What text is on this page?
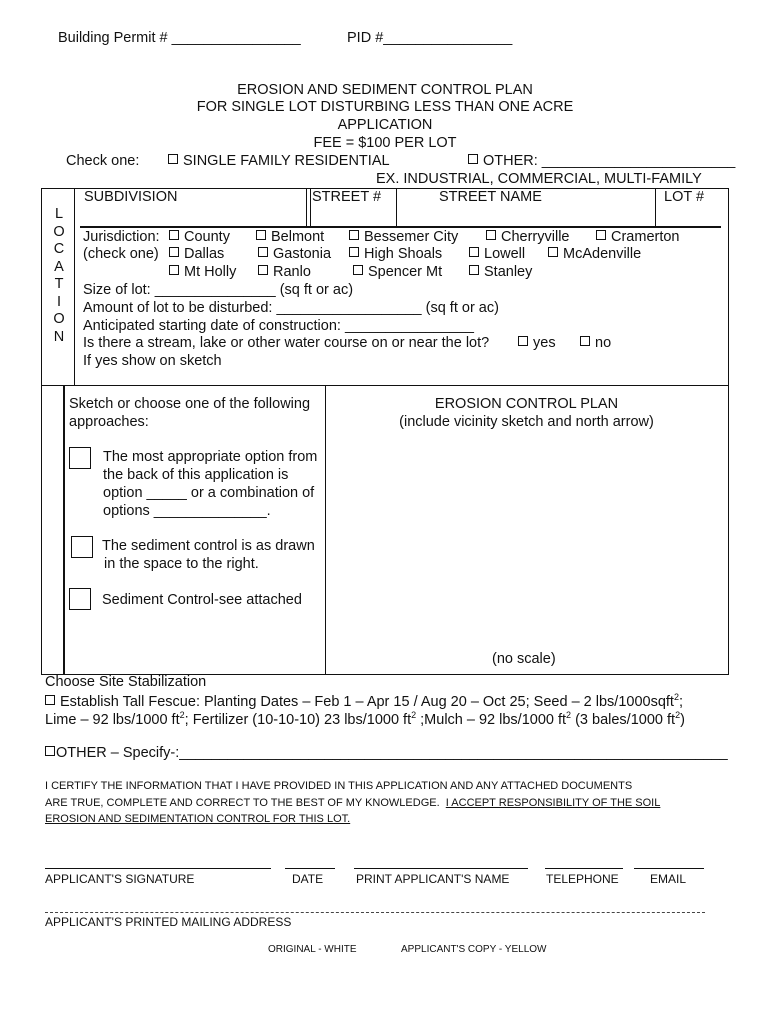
Building Permit # ________________	PID #________________
EROSION AND SEDIMENT CONTROL PLAN
FOR SINGLE LOT DISTURBING LESS THAN ONE ACRE
APPLICATION
FEE = $100 PER LOT
Check one:	SINGLE FAMILY RESIDENTIAL	OTHER: ________________________
EX. INDUSTRIAL, COMMERCIAL, MULTI-FAMILY
L
O
C
A
T
I
O
N
SUBDIVISION	STREET #	STREET NAME	LOT #
Jurisdiction:
(check one)
County	Belmont	Bessemer City	Cherryville	Cramerton
Dallas	Gastonia	High Shoals	Lowell	McAdenville
Mt Holly	Ranlo	Spencer Mt	Stanley
Size of lot: _______________ (sq ft or ac)
Amount of lot to be disturbed: __________________ (sq ft or ac)
Anticipated starting date of construction: ________________
Is there a stream, lake or other water course on or near the lot?	yes	no
If yes show on sketch
Sketch or choose one of the following
approaches:
The most appropriate option from
the back of this application is
option _____ or a combination of
options ______________.
The sediment control is as drawn
in the space to the right.
Sediment Control-see attached
EROSION CONTROL PLAN
(include vicinity sketch and north arrow)
(no scale)
Choose Site Stabilization
Establish Tall Fescue: Planting Dates – Feb 1 – Apr 15 / Aug 20 – Oct 25; Seed – 2 lbs/1000sqft$^2$;
Lime – 92 lbs/1000 $ft^2$; Fertilizer (10-10-10) 23 lbs/1000 $ft^2$ ;Mulch – 92 lbs/1000 $ft^2$ (3 bales/1000 $ft^2$)
OTHER – Specify-:____________________________________________________________________
I CERTIFY THE INFORMATION THAT I HAVE PROVIDED IN THIS APPLICATION AND ANY ATTACHED DOCUMENTS
ARE TRUE, COMPLETE AND CORRECT TO THE BEST OF MY KNOWLEDGE. I ACCEPT RESPONSIBILITY OF THE SOIL
EROSION AND SEDIMENTATION CONTROL FOR THIS LOT.
APPLICANT'S SIGNATURE	DATE	PRINT APPLICANT'S NAME	TELEPHONE	EMAIL
APPLICANT'S PRINTED MAILING ADDRESS
ORIGINAL - WHITE	APPLICANT'S COPY - YELLOW
